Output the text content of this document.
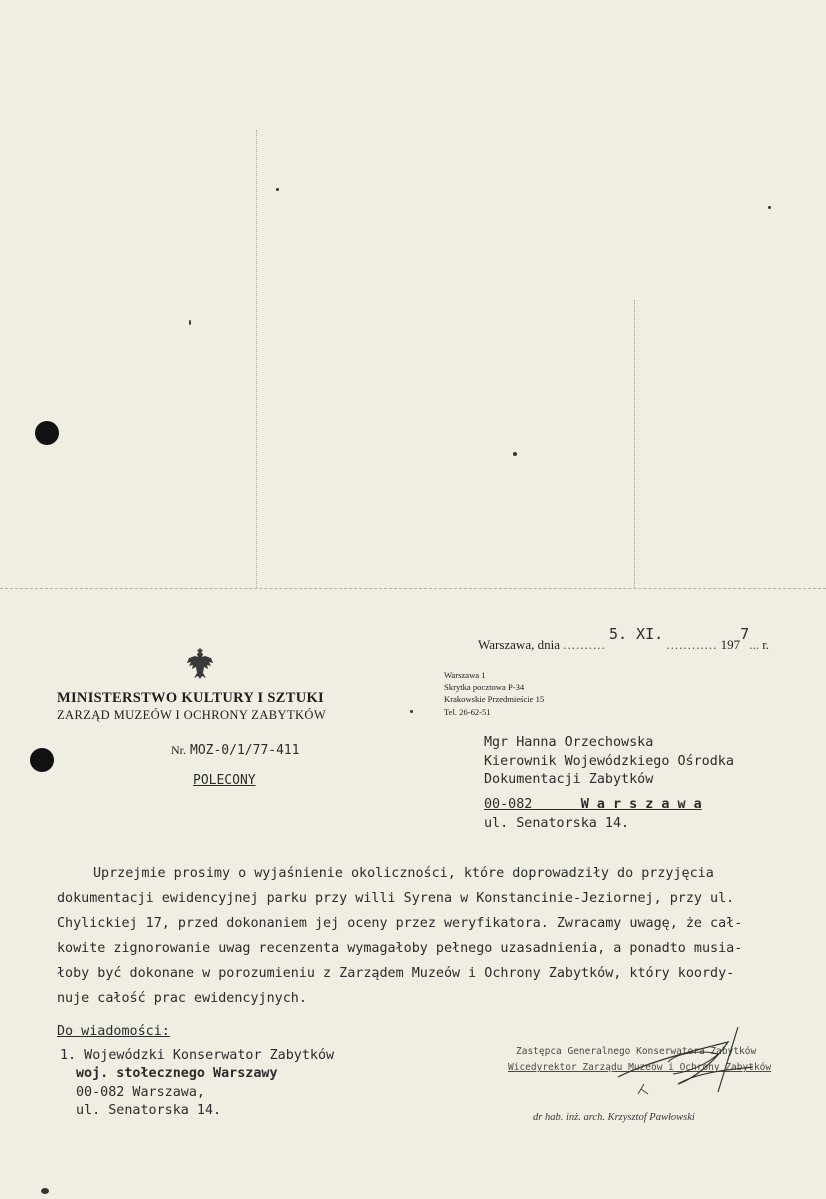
Warszawa, dnia .......... 5. XI. ............ 1977... r.
MINISTERSTWO KULTURY I SZTUKI
ZARZĄD MUZEÓW I OCHRONY ZABYTKÓW
Warszawa 1
Skrytka pocztowa P-34
Krakowskie Przedmieście 15
Tel. 26-62-51
Nr. MOZ-0/1/77-411
POLECONY
Mgr Hanna Orzechowska
Kierownik Wojewódzkiego Ośrodka
Dokumentacji Zabytków
00-082	W a r s z a w a
ul. Senatorska 14.
Uprzejmie prosimy o wyjaśnienie okoliczności, które doprowadziły do przyjęcia
dokumentacji ewidencyjnej parku przy willi Syrena w Konstancinie-Jeziornej, przy ul.
Chylickiej 17, przed dokonaniem jej oceny przez weryfikatora. Zwracamy uwagę, że cał-
kowite zignorowanie uwag recenzenta wymagałoby pełnego uzasadnienia, a ponadto musia-
łoby być dokonane w porozumieniu z Zarządem Muzeów i Ochrony Zabytków, który koordy-
nuje całość prac ewidencyjnych.
Do wiadomości:
1. Wojewódzki Konserwator Zabytków
woj. stołecznego Warszawy
00-082 Warszawa,
ul. Senatorska 14.
Zastępca Generalnego Konserwatora Zabytków
Wicedyrektor Zarządu Muzeów i Ochrony Zabytków
dr hab. inż. arch. Krzysztof Pawłowski
